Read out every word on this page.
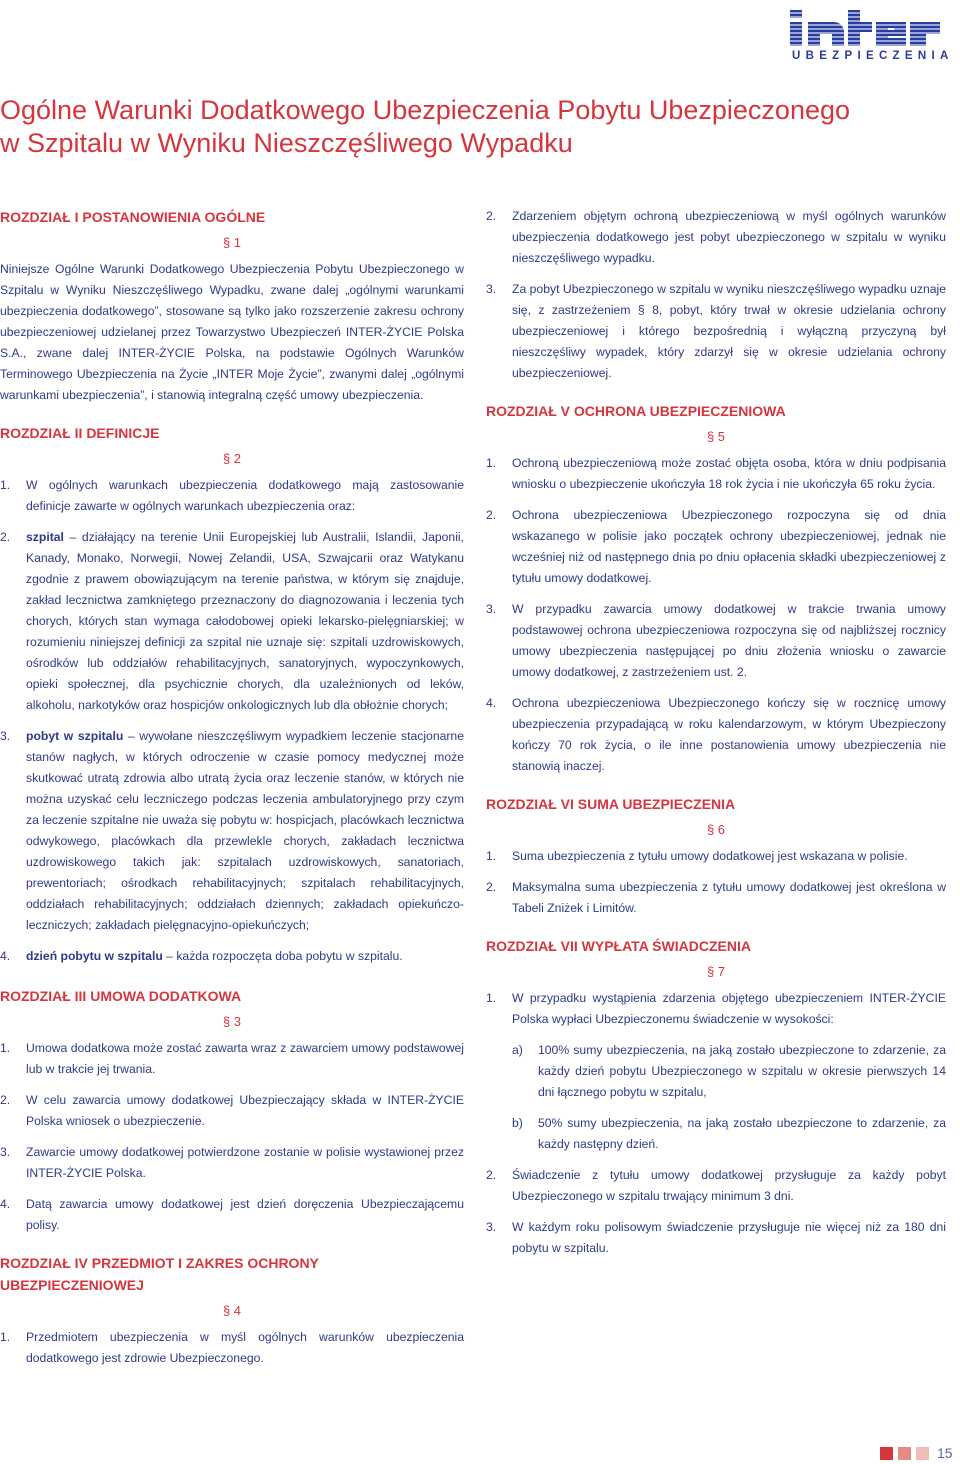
UBEZPIECZENIA
Ogólne Warunki Dodatkowego Ubezpieczenia Pobytu Ubezpieczonego
w Szpitalu w Wyniku Nieszczęśliwego Wypadku
ROZDZIAŁ I POSTANOWIENIA OGÓLNE
§ 1

Niniejsze Ogólne Warunki Dodatkowego Ubezpieczenia Pobytu Ubezpieczonego w Szpitalu w Wyniku Nieszczęśliwego Wypadku, zwane dalej „ogólnymi warunkami ubezpieczenia dodatkowego”, stosowane są tylko jako rozszerzenie zakresu ochrony ubezpieczeniowej udzielanej przez Towarzystwo Ubezpieczeń INTER-ŻYCIE Polska S.A., zwane dalej INTER-ŻYCIE Polska, na podstawie Ogólnych Warunków Terminowego Ubezpieczenia na Życie „INTER Moje Życie”, zwanymi dalej „ogólnymi warunkami ubezpieczenia”, i stanowią integralną część umowy ubezpieczenia.

ROZDZIAŁ II DEFINICJE
§ 2
1.	W ogólnych warunkach ubezpieczenia dodatkowego mają zastosowanie definicje zawarte w ogólnych warunkach ubezpieczenia oraz:
2.	szpital – działający na terenie Unii Europejskiej lub Australii, Islandii, Japonii, Kanady, Monako, Norwegii, Nowej Zelandii, USA, Szwajcarii oraz Watykanu zgodnie z prawem obowiązującym na terenie państwa, w którym się znajduje, zakład lecznictwa zamkniętego przeznaczony do diagnozowania i leczenia tych chorych, których stan wymaga całodobowej opieki lekarsko-pielęgniarskiej; w rozumieniu niniejszej definicji za szpital nie uznaje się: szpitali uzdrowiskowych, ośrodków lub oddziałów rehabilitacyjnych, sanatoryjnych, wypoczynkowych, opieki społecznej, dla psychicznie chorych, dla uzależnionych od leków, alkoholu, narkotyków oraz hospicjów onkologicznych lub dla obłożnie chorych;
3.	pobyt w szpitalu – wywołane nieszczęśliwym wypadkiem leczenie stacjonarne stanów nagłych, w których odroczenie w czasie pomocy medycznej może skutkować utratą zdrowia albo utratą życia oraz leczenie stanów, w których nie można uzyskać celu leczniczego podczas leczenia ambulatoryjnego przy czym za leczenie szpitalne nie uważa się pobytu w: hospicjach, placówkach lecznictwa odwykowego, placówkach dla przewlekle chorych, zakładach lecznictwa uzdrowiskowego takich jak: szpitalach uzdrowiskowych, sanatoriach, prewentoriach; ośrodkach rehabilitacyjnych; szpitalach rehabilitacyjnych, oddziałach rehabilitacyjnych; oddziałach dziennych; zakładach opiekuńczo-leczniczych; zakładach pielęgnacyjno-opiekuńczych;
4.	dzień pobytu w szpitalu – każda rozpoczęta doba pobytu w szpitalu.
ROZDZIAŁ III UMOWA DODATKOWA
§ 3
1.	Umowa dodatkowa może zostać zawarta wraz z zawarciem umowy podstawowej lub w trakcie jej trwania.
2.	W celu zawarcia umowy dodatkowej Ubezpieczający składa w INTER-ŻYCIE Polska wniosek o ubezpieczenie.
3.	Zawarcie umowy dodatkowej potwierdzone zostanie w polisie wystawionej przez INTER-ŻYCIE Polska.
4.	Datą zawarcia umowy dodatkowej jest dzień doręczenia Ubezpieczającemu polisy.
ROZDZIAŁ IV PRZEDMIOT I ZAKRES OCHRONY UBEZPIECZENIOWEJ
§ 4
1.	Przedmiotem ubezpieczenia w myśl ogólnych warunków ubezpieczenia dodatkowego jest zdrowie Ubezpieczonego.
2.	Zdarzeniem objętym ochroną ubezpieczeniową w myśl ogólnych warunków ubezpieczenia dodatkowego jest pobyt ubezpieczonego w szpitalu w wyniku nieszczęśliwego wypadku.
3.	Za pobyt Ubezpieczonego w szpitalu w wyniku nieszczęśliwego wypadku uznaje się, z zastrzeżeniem § 8, pobyt, który trwał w okresie udzielania ochrony ubezpieczeniowej i którego bezpośrednią i wyłączną przyczyną był nieszczęśliwy wypadek, który zdarzył się w okresie udzielania ochrony ubezpieczeniowej.
ROZDZIAŁ V OCHRONA UBEZPIECZENIOWA
§ 5
1.	Ochroną ubezpieczeniową może zostać objęta osoba, która w dniu podpisania wniosku o ubezpieczenie ukończyła 18 rok życia i nie ukończyła 65 roku życia.
2.	Ochrona ubezpieczeniowa Ubezpieczonego rozpoczyna się od dnia wskazanego w polisie jako początek ochrony ubezpieczeniowej, jednak nie wcześniej niż od następnego dnia po dniu opłacenia składki ubezpieczeniowej z tytułu umowy dodatkowej.
3.	W przypadku zawarcia umowy dodatkowej w trakcie trwania umowy podstawowej ochrona ubezpieczeniowa rozpoczyna się od najbliższej rocznicy umowy ubezpieczenia następującej po dniu złożenia wniosku o zawarcie umowy dodatkowej, z zastrzeżeniem ust. 2.
4.	Ochrona ubezpieczeniowa Ubezpieczonego kończy się w rocznicę umowy ubezpieczenia przypadającą w roku kalendarzowym, w którym Ubezpieczony kończy 70 rok życia, o ile inne postanowienia umowy ubezpieczenia nie stanowią inaczej.
ROZDZIAŁ VI SUMA UBEZPIECZENIA
§ 6
1.	Suma ubezpieczenia z tytułu umowy dodatkowej jest wskazana w polisie.
2.	Maksymalna suma ubezpieczenia z tytułu umowy dodatkowej jest określona w Tabeli Zniżek i Limitów.
ROZDZIAŁ VII WYPŁATA ŚWIADCZENIA
§ 7
1.	W przypadku wystąpienia zdarzenia objętego ubezpieczeniem INTER-ŻYCIE Polska wypłaci Ubezpieczonemu świadczenie w wysokości:
a)	100% sumy ubezpieczenia, na jaką zostało ubezpieczone to zdarzenie, za każdy dzień pobytu Ubezpieczonego w szpitalu w okresie pierwszych 14 dni łącznego pobytu w szpitalu,
b)	50% sumy ubezpieczenia, na jaką zostało ubezpieczone to zdarzenie, za każdy następny dzień.
2.	Świadczenie z tytułu umowy dodatkowej przysługuje za każdy pobyt Ubezpieczonego w szpitalu trwający minimum 3 dni.
3.	W każdym roku polisowym świadczenie przysługuje nie więcej niż za 180 dni pobytu w szpitalu.
15
